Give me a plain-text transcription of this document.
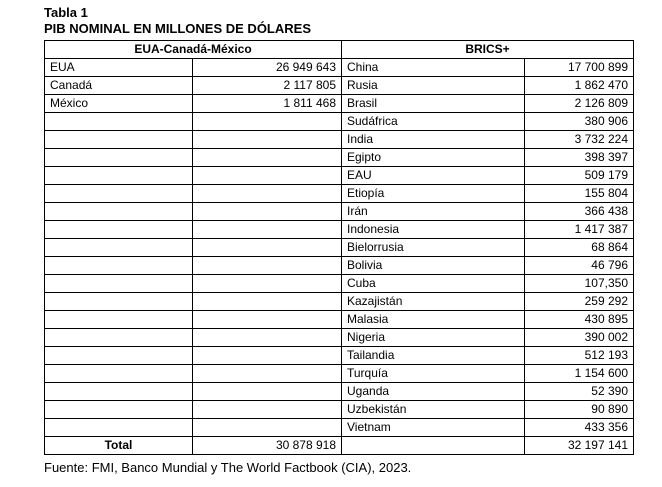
Tabla 1
PIB NOMINAL EN MILLONES DE DÓLARES
EUA-Canadá-México		BRICS+	
EUA	26 949 643	China	17 700 899
Canadá	2 117 805	Rusia	1 862 470
México	1 811 468	Brasil	2 126 809
		Sudáfrica	380 906
		India	3 732 224
		Egipto	398 397
		EAU	509 179
		Etiopía	155 804
		Irán	366 438
		Indonesia	1 417 387
		Bielorrusia	68 864
		Bolivia	46 796
		Cuba	107,350
		Kazajistán	259 292
		Malasia	430 895
		Nigeria	390 002
		Tailandia	512 193
		Turquía	1 154 600
		Uganda	52 390
		Uzbekistán	90 890
		Vietnam	433 356
Total	30 878 918		32 197 141
Fuente: FMI, Banco Mundial y The World Factbook (CIA), 2023.
